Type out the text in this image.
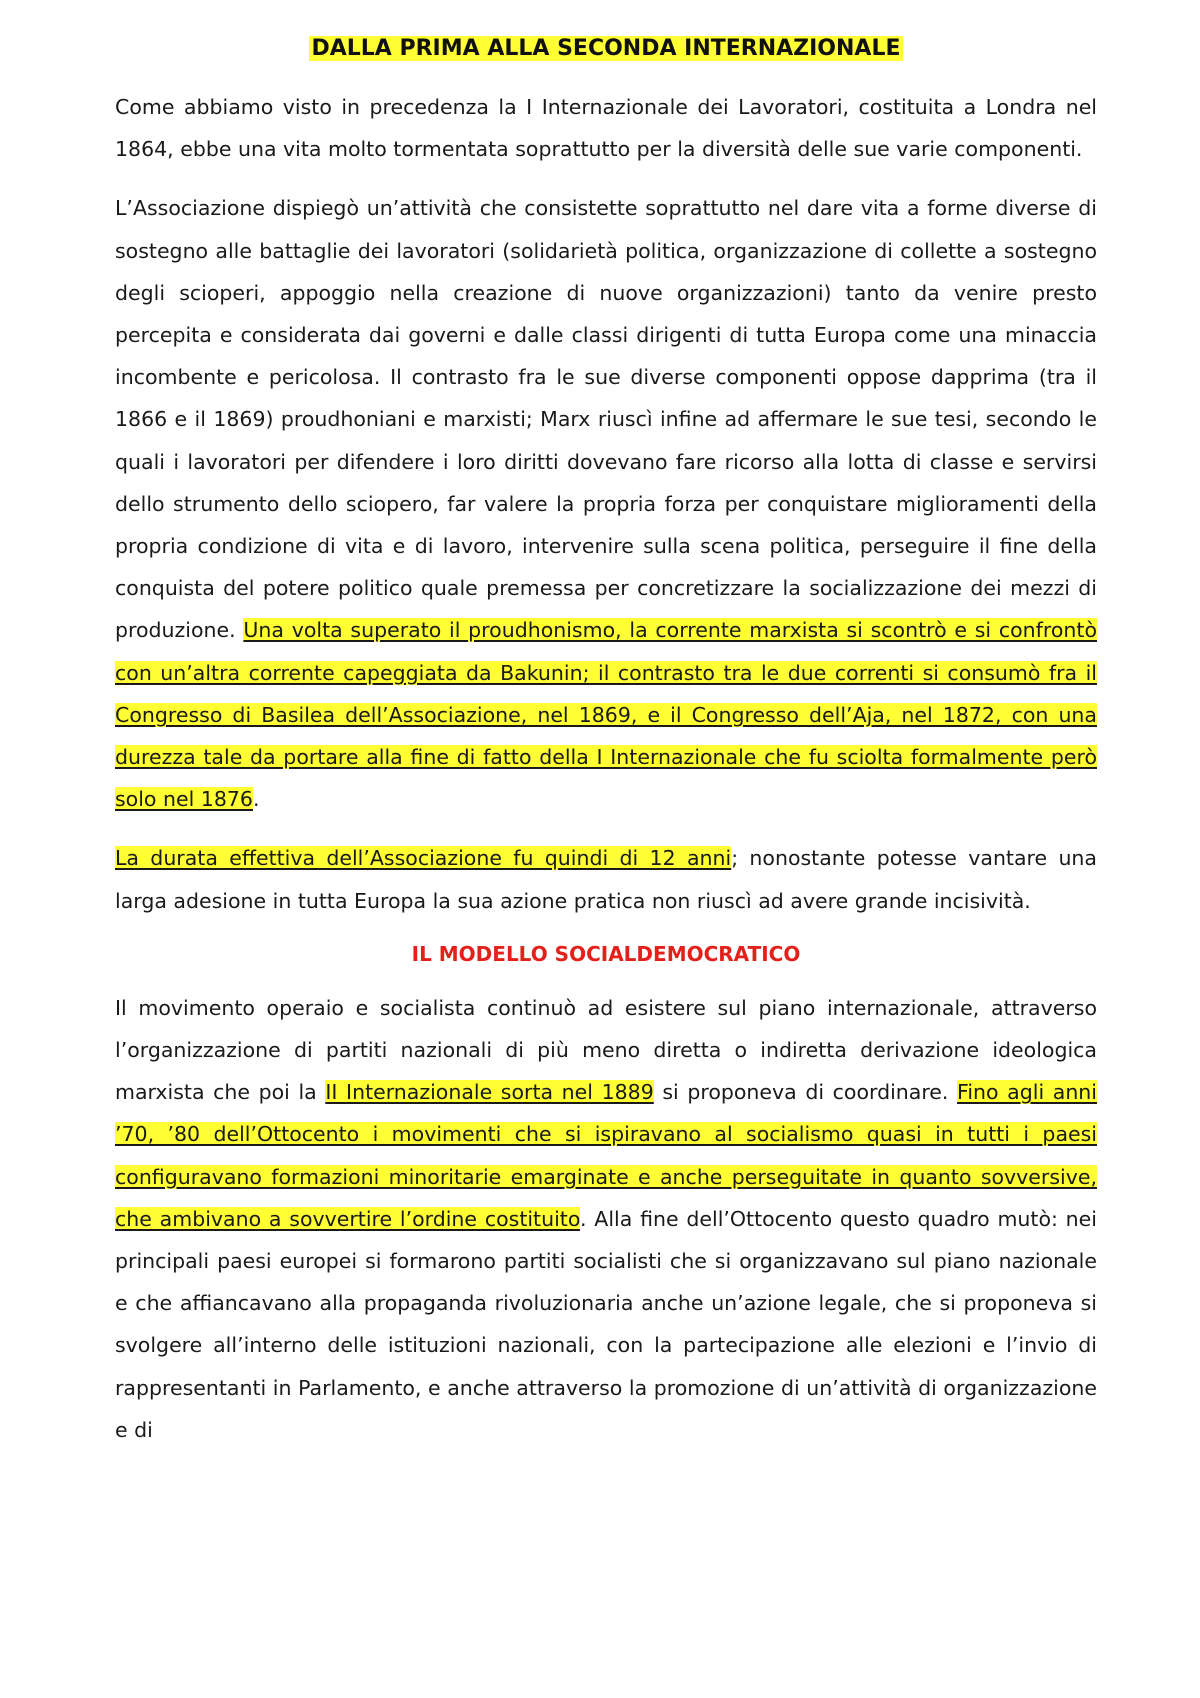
DALLA PRIMA ALLA SECONDA INTERNAZIONALE

Come abbiamo visto in precedenza la I Internazionale dei Lavoratori, costituita a Londra nel 1864, ebbe una vita molto tormentata soprattutto per la diversità delle sue varie componenti.

L’Associazione dispiegò un’attività che consistette soprattutto nel dare vita a forme diverse di sostegno alle battaglie dei lavoratori (solidarietà politica, organizzazione di collette a sostegno degli scioperi, appoggio nella creazione di nuove organizzazioni) tanto da venire presto percepita e considerata dai governi e dalle classi dirigenti di tutta Europa come una minaccia incombente e pericolosa. Il contrasto fra le sue diverse componenti oppose dapprima (tra il 1866 e il 1869) proudhoniani e marxisti; Marx riuscì infine ad affermare le sue tesi, secondo le quali i lavoratori per difendere i loro diritti dovevano fare ricorso alla lotta di classe e servirsi dello strumento dello sciopero, far valere la propria forza per conquistare miglioramenti della propria condizione di vita e di lavoro, intervenire sulla scena politica, perseguire il fine della conquista del potere politico quale premessa per concretizzare la socializzazione dei mezzi di produzione. Una volta superato il proudhonismo, la corrente marxista si scontrò e si confrontò con un’altra corrente capeggiata da Bakunin; il contrasto tra le due correnti si consumò fra il Congresso di Basilea dell’Associazione, nel 1869, e il Congresso dell’Aja, nel 1872, con una durezza tale da portare alla fine di fatto della I Internazionale che fu sciolta formalmente però solo nel 1876.

La durata effettiva dell’Associazione fu quindi di 12 anni; nonostante potesse vantare una larga adesione in tutta Europa la sua azione pratica non riuscì ad avere grande incisività.

IL MODELLO SOCIALDEMOCRATICO

Il movimento operaio e socialista continuò ad esistere sul piano internazionale, attraverso l’organizzazione di partiti nazionali di più meno diretta o indiretta derivazione ideologica marxista che poi la II Internazionale sorta nel 1889 si proponeva di coordinare. Fino agli anni ’70, ’80 dell’Ottocento i movimenti che si ispiravano al socialismo quasi in tutti i paesi configuravano formazioni minoritarie emarginate e anche perseguitate in quanto sovversive, che ambivano a sovvertire l’ordine costituito. Alla fine dell’Ottocento questo quadro mutò: nei principali paesi europei si formarono partiti socialisti che si organizzavano sul piano nazionale e che affiancavano alla propaganda rivoluzionaria anche un’azione legale, che si proponeva si svolgere all’interno delle istituzioni nazionali, con la partecipazione alle elezioni e l’invio di rappresentanti in Parlamento, e anche attraverso la promozione di un’attività di organizzazione e di
